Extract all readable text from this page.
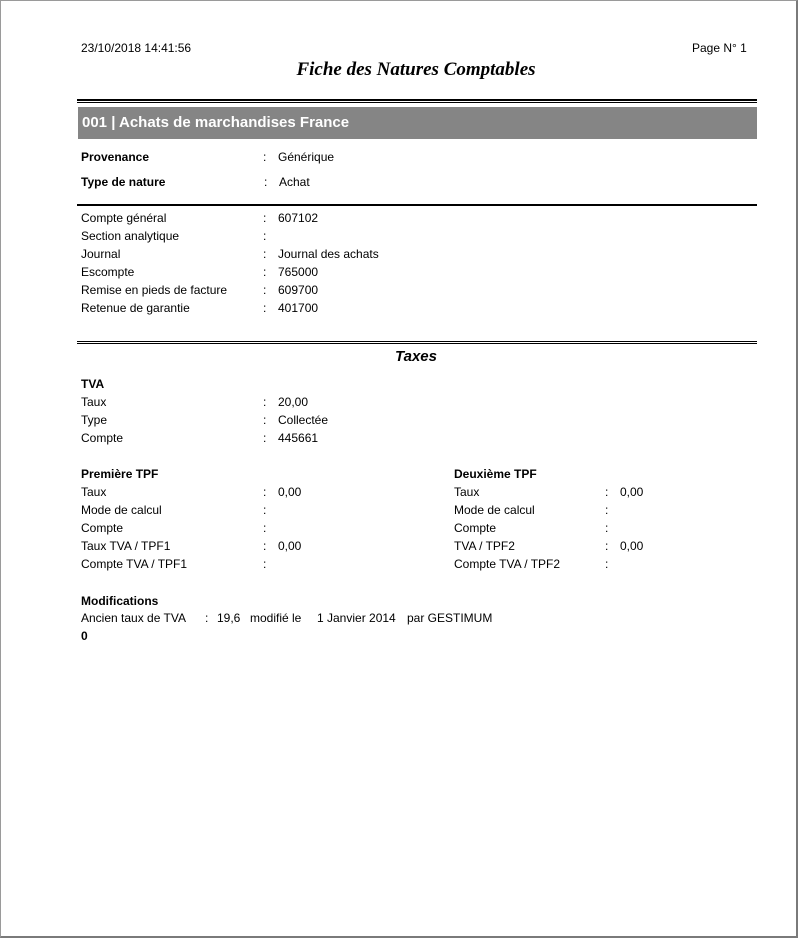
23/10/2018 14:41:56	Page N° 1
Fiche des Natures Comptables
001 | Achats de marchandises France
Provenance	: Générique
Type de nature	: Achat
Compte général	: 607102
Section analytique	:
Journal	: Journal des achats
Escompte	: 765000
Remise en pieds de facture	: 609700
Retenue de garantie	: 401700
Taxes
TVA
Taux	: 20,00
Type	: Collectée
Compte	: 445661
Première TPF
Taux	: 0,00
Mode de calcul	:
Compte	:
Taux TVA / TPF1	: 0,00
Compte TVA / TPF1	:
Deuxième TPF
Taux	: 0,00
Mode de calcul	:
Compte	:
TVA / TPF2	: 0,00
Compte TVA / TPF2	:
Modifications
Ancien taux de TVA : 19,6 modifié le 1 Janvier 2014 par GESTIMUM
0
